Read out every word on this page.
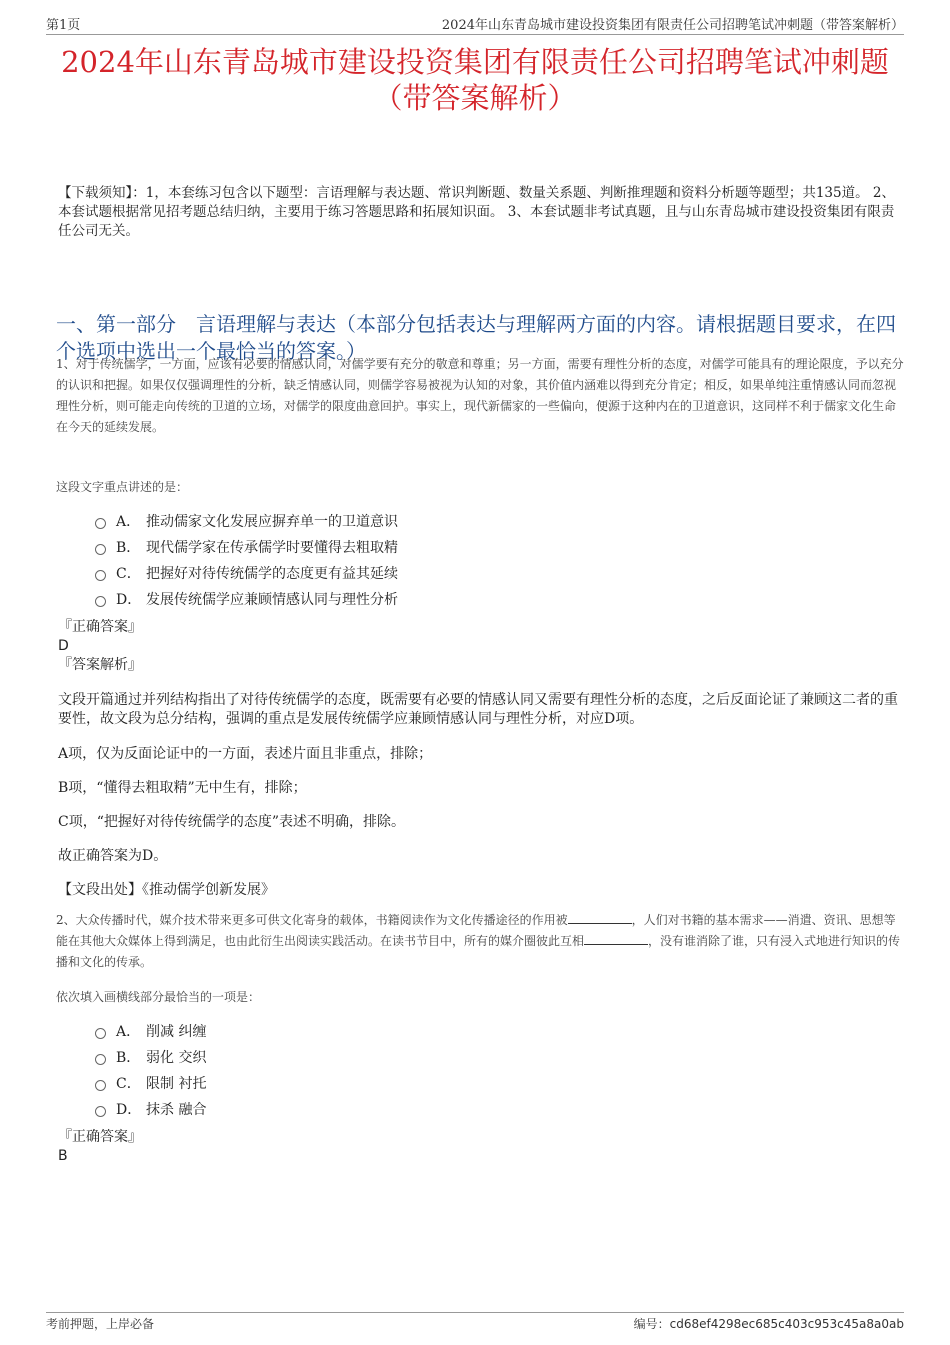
第1页	2024年山东青岛城市建设投资集团有限责任公司招聘笔试冲刺题（带答案解析）
2024年山东青岛城市建设投资集团有限责任公司招聘笔试冲刺题（带答案解析）
【下载须知】：1，本套练习包含以下题型：言语理解与表达题、常识判断题、数量关系题、判断推理题和资料分析题等题型；共135道。 2、本套试题根据常见招考题总结归纳，主要用于练习答题思路和拓展知识面。 3、本套试题非考试真题，且与山东青岛城市建设投资集团有限责任公司无关。
一、第一部分　言语理解与表达（本部分包括表达与理解两方面的内容。请根据题目要求，在四个选项中选出一个最恰当的答案。）
1、对于传统儒学，一方面，应该有必要的情感认同，对儒学要有充分的敬意和尊重；另一方面，需要有理性分析的态度，对儒学可能具有的理论限度，予以充分的认识和把握。如果仅仅强调理性的分析，缺乏情感认同，则儒学容易被视为认知的对象，其价值内涵难以得到充分肯定；相反，如果单纯注重情感认同而忽视理性分析，则可能走向传统的卫道的立场，对儒学的限度曲意回护。事实上，现代新儒家的一些偏向，便源于这种内在的卫道意识，这同样不利于儒家文化生命在今天的延续发展。
这段文字重点讲述的是：
A． 推动儒家文化发展应摒弃单一的卫道意识
B． 现代儒学家在传承儒学时要懂得去粗取精
C． 把握好对待传统儒学的态度更有益其延续
D． 发展传统儒学应兼顾情感认同与理性分析
『正确答案』
D
『答案解析』
文段开篇通过并列结构指出了对待传统儒学的态度，既需要有必要的情感认同又需要有理性分析的态度，之后反面论证了兼顾这二者的重要性，故文段为总分结构，强调的重点是发展传统儒学应兼顾情感认同与理性分析，对应D项。
A项，仅为反面论证中的一方面，表述片面且非重点，排除；
B项，“懂得去粗取精”无中生有，排除；
C项，“把握好对待传统儒学的态度”表述不明确，排除。
故正确答案为D。
【文段出处】《推动儒学创新发展》
2、大众传播时代，媒介技术带来更多可供文化寄身的载体，书籍阅读作为文化传播途径的作用被	，人们对书籍的基本需求——消遣、资讯、思想等能在其他大众媒体上得到满足，也由此衍生出阅读实践活动。在读书节目中，所有的媒介圈彼此互相	，没有谁消除了谁，只有浸入式地进行知识的传播和文化的传承。
依次填入画横线部分最恰当的一项是：
A． 削减 纠缠
B． 弱化 交织
C． 限制 衬托
D． 抹杀 融合
『正确答案』
B
考前押题，上岸必备	编号：cd68ef4298ec685c403c953c45a8a0ab
